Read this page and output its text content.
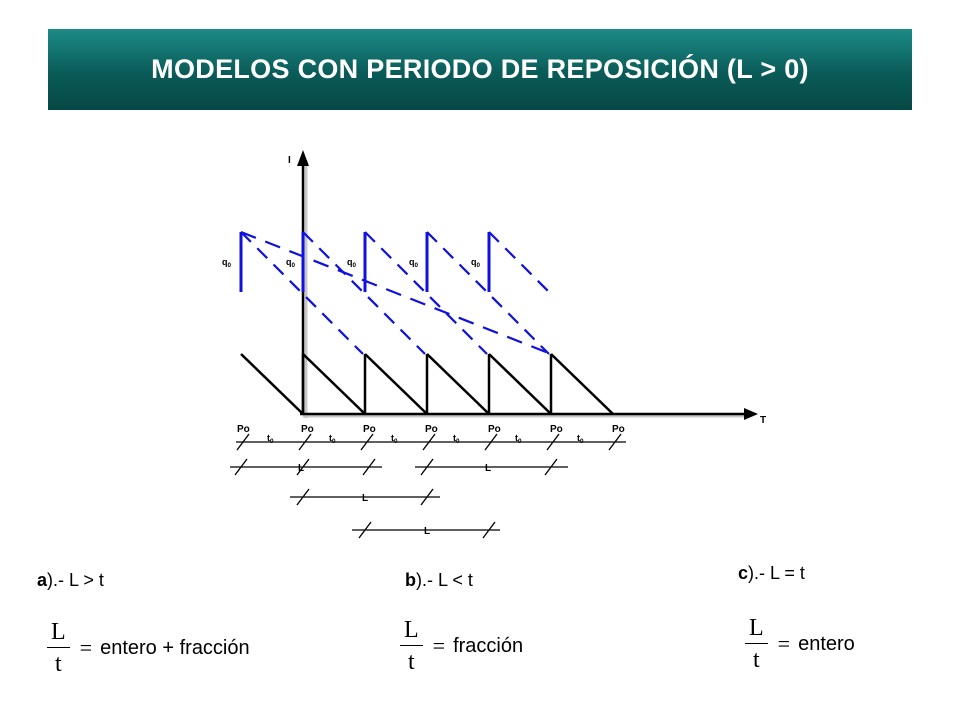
MODELOS CON PERIODO DE REPOSICIÓN (L > 0)
I
T
$q_0$	$q_0$	$q_0$	$q_0$	$q_0$
Po	Po	Po	Po	Po	Po	Po
$t_0$	$t_0$	$t_0$	$t_0$	$t_0$	$t_0$
L	L
L
L
a).- L > t
$\frac{L}{t}$ = entero + fracción
b).- L < t
$\frac{L}{t}$ = fracción
c).- L = t
$\frac{L}{t}$ = entero
